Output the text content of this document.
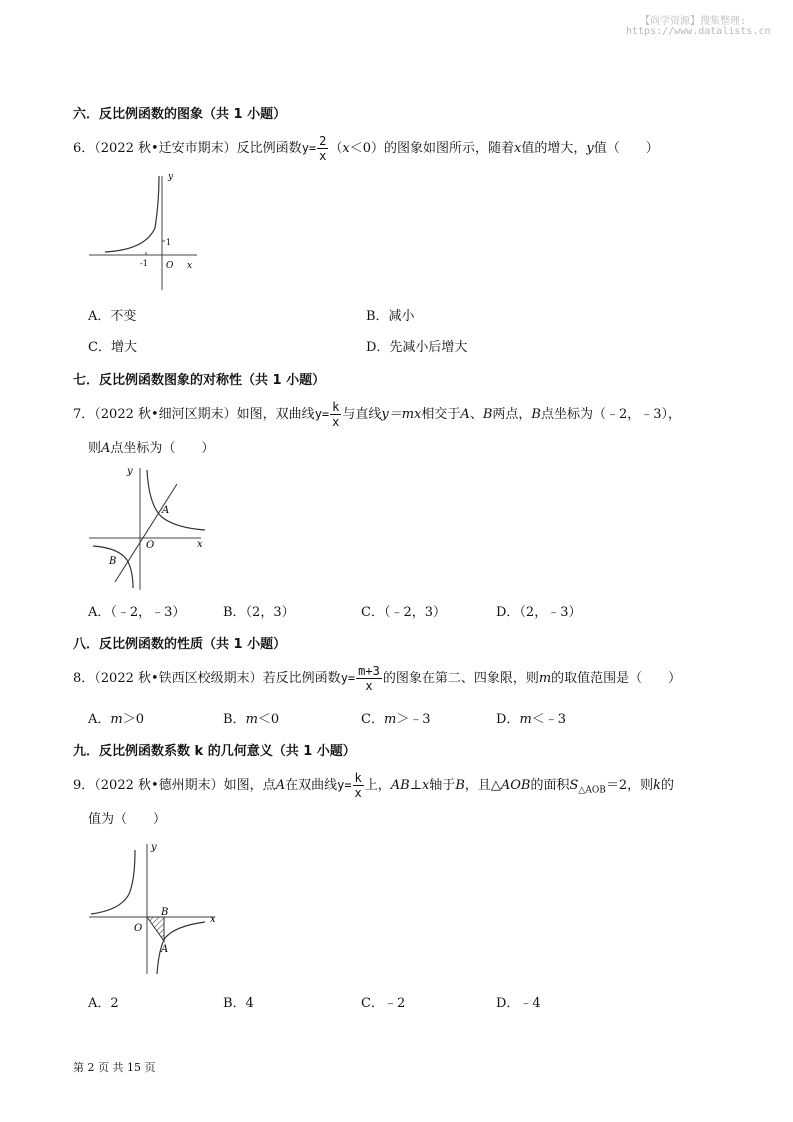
【尚学资源】搜集整理:
https://www.datalists.cn
六．反比例函数的图象（共 1 小题）
6．（2022 秋•迁安市期末）反比例函数$y= \frac{2}{x} (x<0)$的图象如图所示，随着x值的增大，y值（　　）
y
x
O
1
-1
A．不变	B．减小
C．增大	D．先减小后增大
七．反比例函数图象的对称性（共 1 小题）
7．（2022 秋•细河区期末）如图，双曲线$y= \frac{k}{x}$ 与直线y＝mx相交于A、B两点，B点坐标为（﹣2，﹣3），
则A点坐标为（　　）
y
x
O
A
B
A．（﹣2，﹣3）	B．（2，3）	C．（﹣2，3）	D．（2，﹣3）
八．反比例函数的性质（共 1 小题）
8．（2022 秋•铁西区校级期末）若反比例函数$y= \frac{m+3}{x}$ 的图象在第二、四象限，则m的取值范围是（　　）
A．m＞0	B．m＜0	C．m＞﹣3	D．m＜﹣3
九．反比例函数系数 k 的几何意义（共 1 小题）
9．（2022 秋•德州期末）如图，点A在双曲线$y= \frac{k}{x}$ 上，AB⊥x轴于B，且△AOB的面积$S_{\triangle AOB}=2$，则k的
值为（　　）
y
x
O
B
A
A．2	B．4	C．﹣2	D．﹣4
第 2 页 共 15 页
